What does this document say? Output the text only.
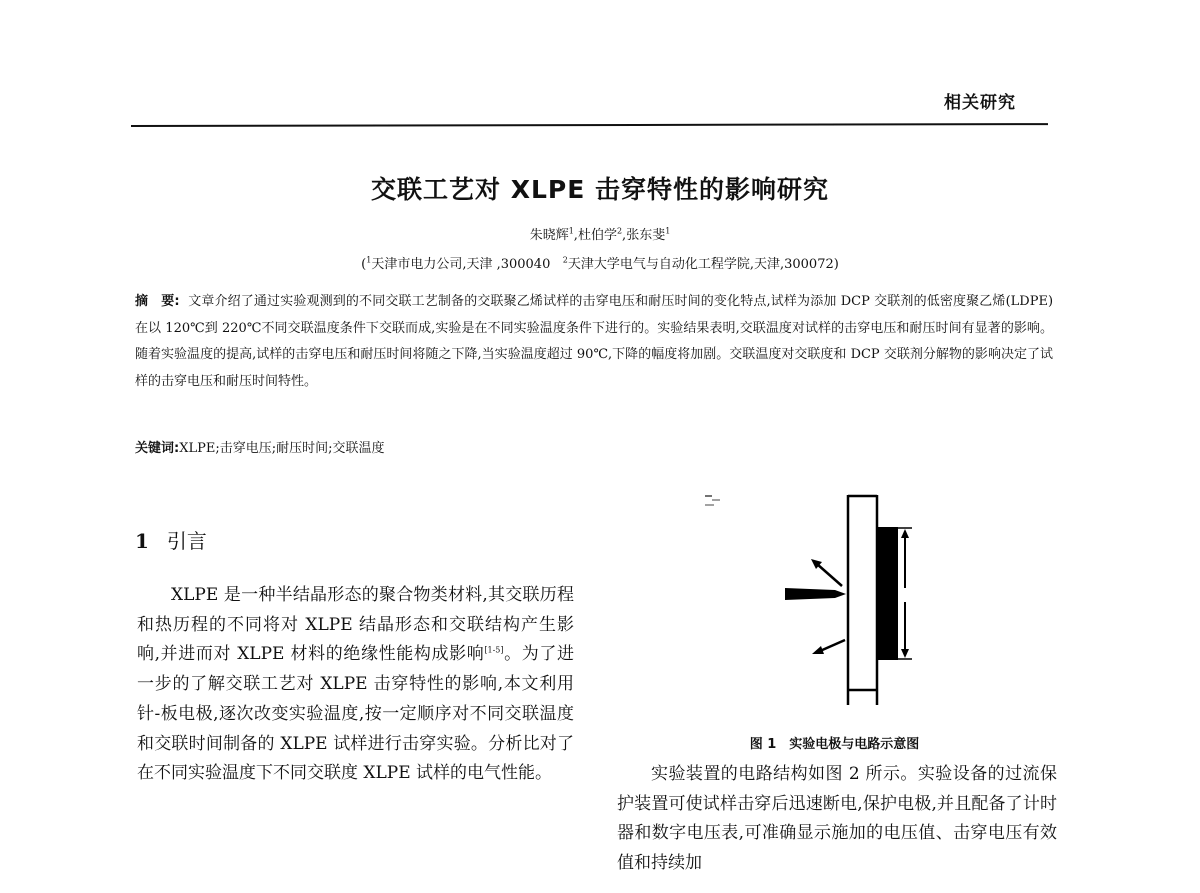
相关研究
交联工艺对 XLPE 击穿特性的影响研究
朱晓辉$^1$,杜伯学$^2$,张东斐$^1$
($^1$天津市电力公司,天津 ,300040 $^2$天津大学电气与自动化工程学院,天津,300072)
摘　要: 文章介绍了通过实验观测到的不同交联工艺制备的交联聚乙烯试样的击穿电压和耐压时间的变化特点,试样为添加 DCP 交联剂的低密度聚乙烯(LDPE)在以 120℃到 220℃不同交联温度条件下交联而成,实验是在不同实验温度条件下进行的。实验结果表明,交联温度对试样的击穿电压和耐压时间有显著的影响。随着实验温度的提高,试样的击穿电压和耐压时间将随之下降,当实验温度超过 90℃,下降的幅度将加剧。交联温度对交联度和 DCP 交联剂分解物的影响决定了试样的击穿电压和耐压时间特性。
关键词:XLPE;击穿电压;耐压时间;交联温度
1 引言

XLPE 是一种半结晶形态的聚合物类材料,其交联历程和热历程的不同将对 XLPE 结晶形态和交联结构产生影响,并进而对 XLPE 材料的绝缘性能构成影响[1-5]。为了进一步的了解交联工艺对 XLPE 击穿特性的影响,本文利用针-板电极,逐次改变实验温度,按一定顺序对不同交联温度和交联时间制备的 XLPE 试样进行击穿实验。分析比对了在不同实验温度下不同交联度 XLPE 试样的电气性能。

图 1　实验电极与电路示意图

实验装置的电路结构如图 2 所示。实验设备的过流保护装置可使试样击穿后迅速断电,保护电极,并且配备了计时器和数字电压表,可准确显示施加的电压值、击穿电压有效值和持续加
